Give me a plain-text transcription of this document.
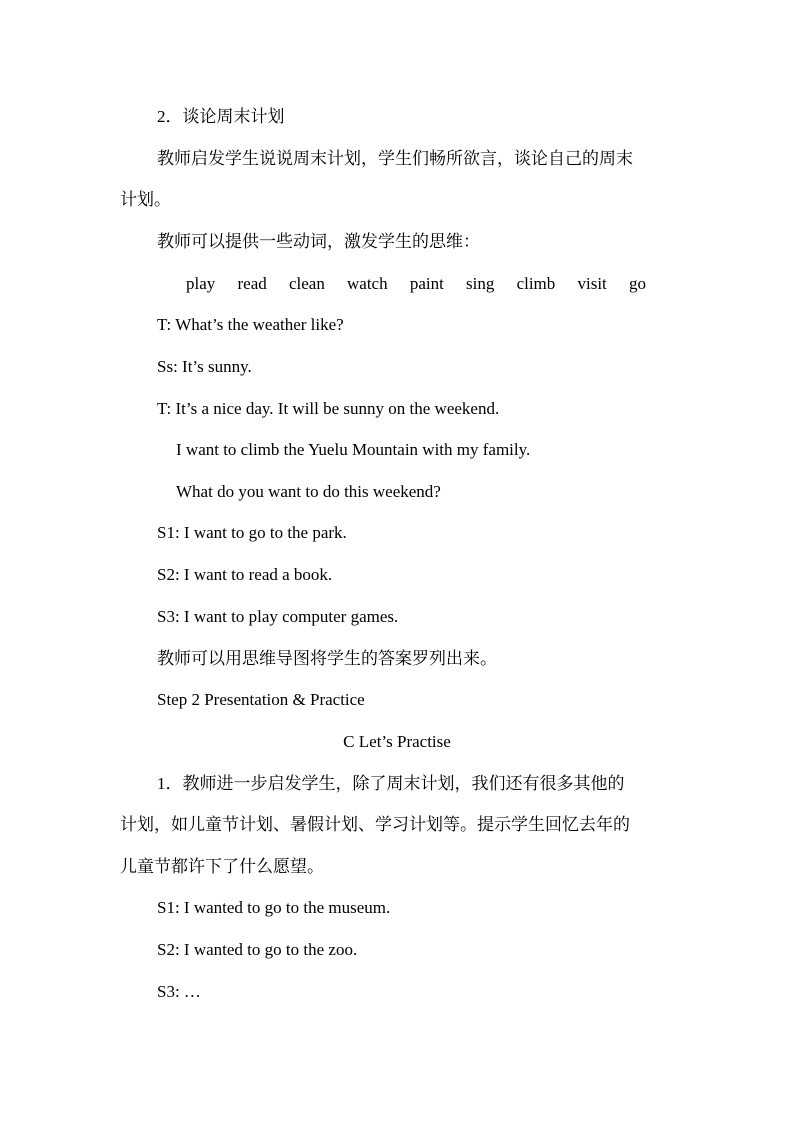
2．谈论周末计划
教师启发学生说说周末计划，学生们畅所欲言，谈论自己的周末
计划。
教师可以提供一些动词，激发学生的思维：
play read clean watch paint sing climb visit go
T: What’s the weather like?
Ss: It’s sunny.
T: It’s a nice day. It will be sunny on the weekend.
I want to climb the Yuelu Mountain with my family.
What do you want to do this weekend?
S1: I want to go to the park.
S2: I want to read a book.
S3: I want to play computer games.
教师可以用思维导图将学生的答案罗列出来。
Step 2 Presentation & Practice
C Let’s Practise
1．教师进一步启发学生，除了周末计划，我们还有很多其他的
计划，如儿童节计划、暑假计划、学习计划等。提示学生回忆去年的
儿童节都许下了什么愿望。
S1: I wanted to go to the museum.
S2: I wanted to go to the zoo.
S3: …
